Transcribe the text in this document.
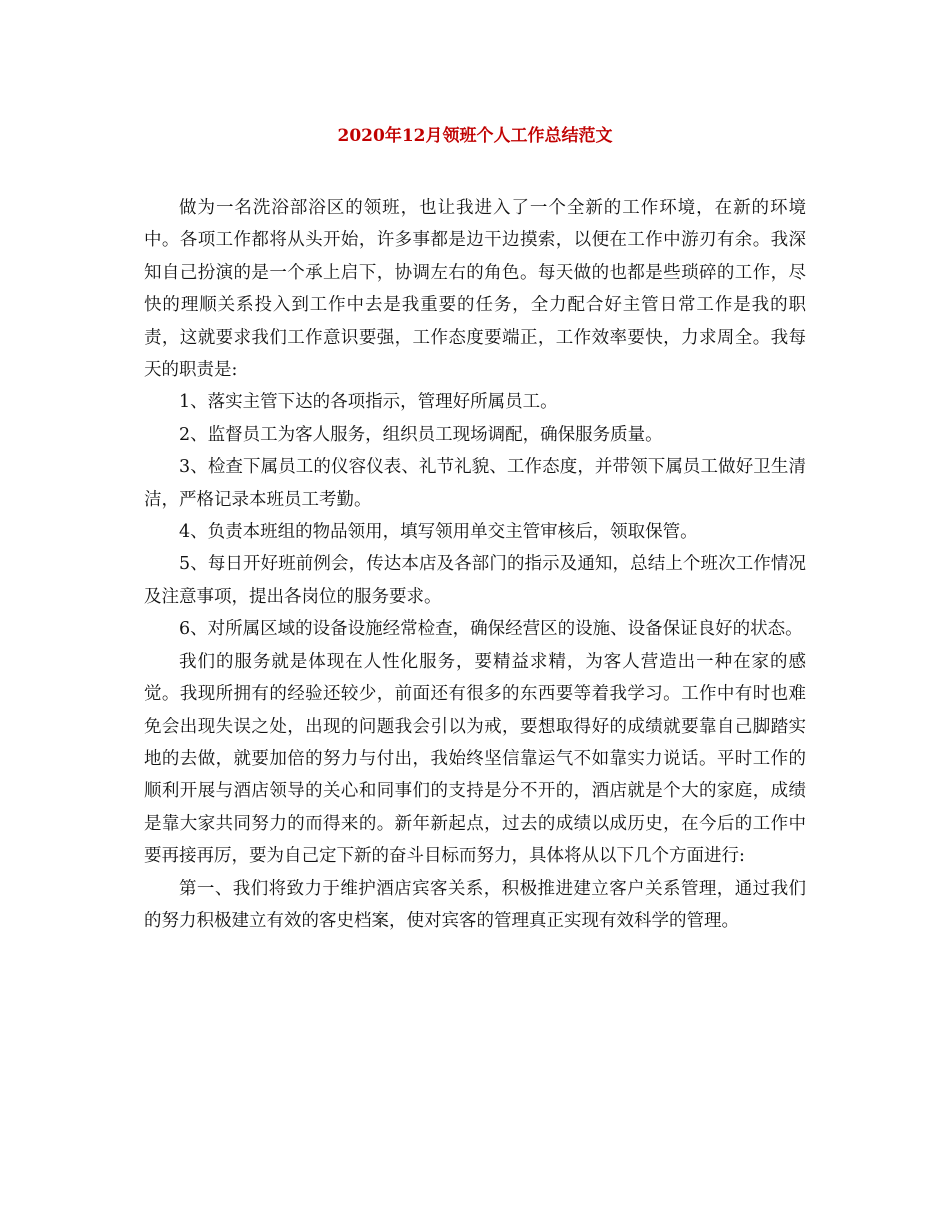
2020年12月领班个人工作总结范文

做为一名洗浴部浴区的领班，也让我进入了一个全新的工作环境，在新的环境中。各项工作都将从头开始，许多事都是边干边摸索，以便在工作中游刃有余。我深知自己扮演的是一个承上启下，协调左右的角色。每天做的也都是些琐碎的工作，尽快的理顺关系投入到工作中去是我重要的任务，全力配合好主管日常工作是我的职责，这就要求我们工作意识要强，工作态度要端正，工作效率要快，力求周全。我每天的职责是:

1、落实主管下达的各项指示，管理好所属员工。

2、监督员工为客人服务，组织员工现场调配，确保服务质量。

3、检查下属员工的仪容仪表、礼节礼貌、工作态度，并带领下属员工做好卫生清洁，严格记录本班员工考勤。

4、负责本班组的物品领用，填写领用单交主管审核后，领取保管。

5、每日开好班前例会，传达本店及各部门的指示及通知，总结上个班次工作情况及注意事项，提出各岗位的服务要求。

6、对所属区域的设备设施经常检查，确保经营区的设施、设备保证良好的状态。

我们的服务就是体现在人性化服务，要精益求精，为客人营造出一种在家的感觉。我现所拥有的经验还较少，前面还有很多的东西要等着我学习。工作中有时也难免会出现失误之处，出现的问题我会引以为戒，要想取得好的成绩就要靠自己脚踏实地的去做，就要加倍的努力与付出，我始终坚信靠运气不如靠实力说话。平时工作的顺利开展与酒店领导的关心和同事们的支持是分不开的，酒店就是个大的家庭，成绩是靠大家共同努力的而得来的。新年新起点，过去的成绩以成历史，在今后的工作中要再接再厉，要为自己定下新的奋斗目标而努力，具体将从以下几个方面进行:

第一、我们将致力于维护酒店宾客关系，积极推进建立客户关系管理，通过我们的努力积极建立有效的客史档案，使对宾客的管理真正实现有效科学的管理。
